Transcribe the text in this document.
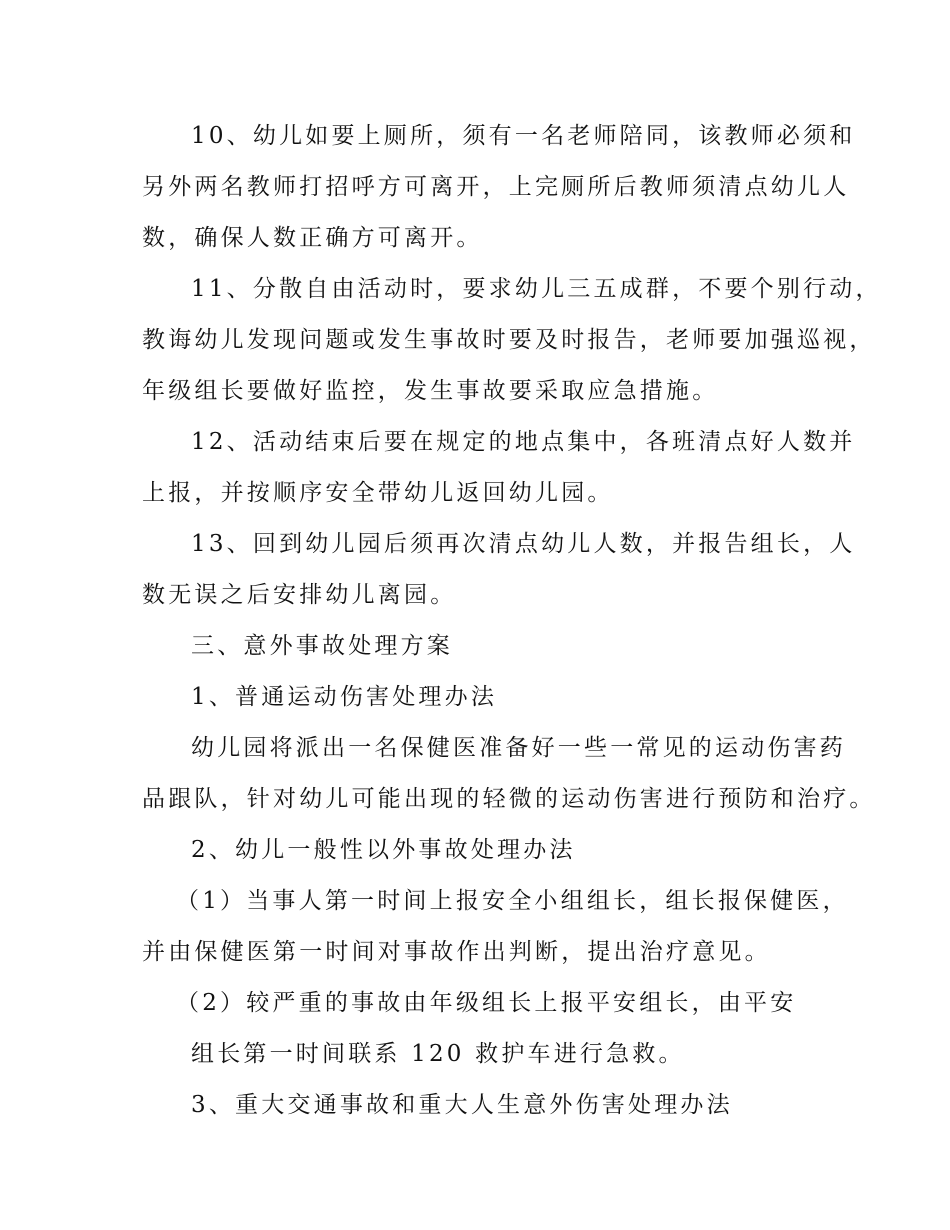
10、幼儿如要上厕所，须有一名老师陪同，该教师必须和
另外两名教师打招呼方可离开，上完厕所后教师须清点幼儿人
数，确保人数正确方可离开。
11、分散自由活动时，要求幼儿三五成群，不要个别行动，
教诲幼儿发现问题或发生事故时要及时报告，老师要加强巡视，
年级组长要做好监控，发生事故要采取应急措施。
12、活动结束后要在规定的地点集中，各班清点好人数并
上报，并按顺序安全带幼儿返回幼儿园。
13、回到幼儿园后须再次清点幼儿人数，并报告组长，人
数无误之后安排幼儿离园。
三、意外事故处理方案
1、普通运动伤害处理办法
幼儿园将派出一名保健医准备好一些一常见的运动伤害药
品跟队，针对幼儿可能出现的轻微的运动伤害进行预防和治疗。
2、幼儿一般性以外事故处理办法
（1）当事人第一时间上报安全小组组长，组长报保健医，
并由保健医第一时间对事故作出判断，提出治疗意见。
（2）较严重的事故由年级组长上报平安组长，由平安
组长第一时间联系 120 救护车进行急救。
3、重大交通事故和重大人生意外伤害处理办法
